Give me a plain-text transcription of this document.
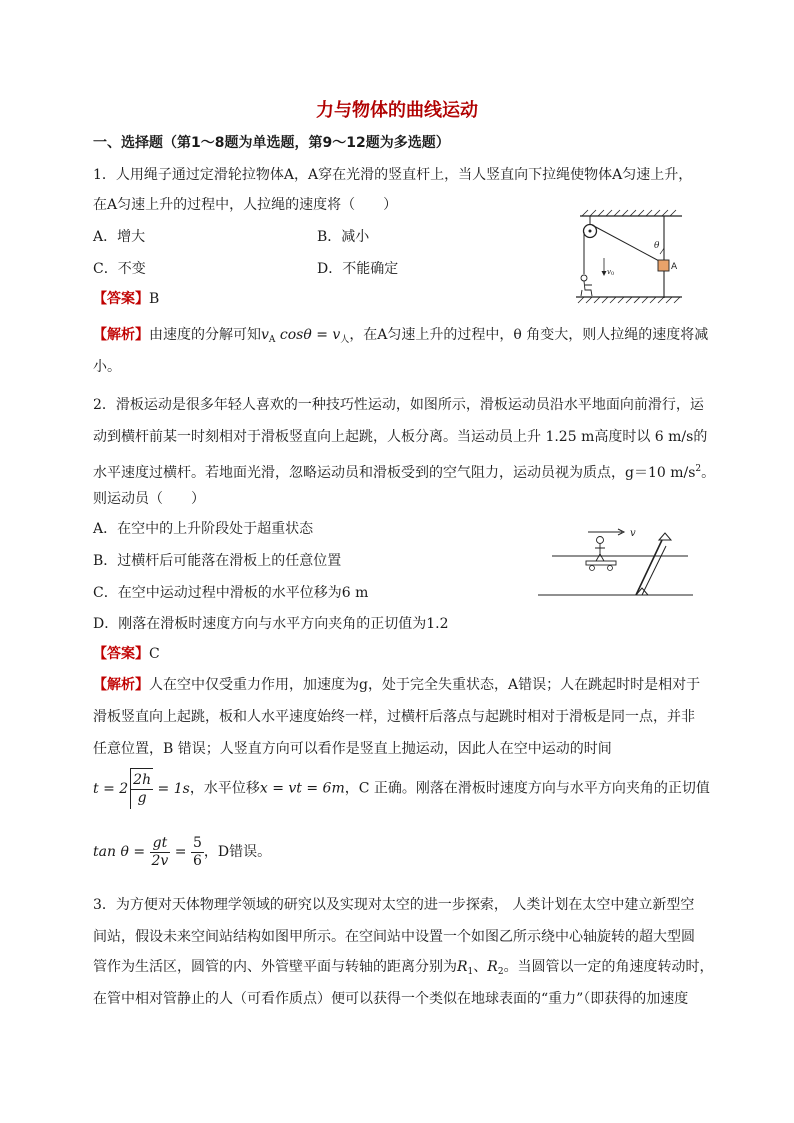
力与物体的曲线运动
一、选择题（第1～8题为单选题，第9～12题为多选题）
1．人用绳子通过定滑轮拉物体A，A穿在光滑的竖直杆上，当人竖直向下拉绳使物体A匀速上升，
在A匀速上升的过程中，人拉绳的速度将（　　）
A．增大	B．减小
C．不变	D．不能确定
【答案】B
【解析】由速度的分解可知$v_A$ $\cos\theta = v_人$，在A匀速上升的过程中，θ 角变大，则人拉绳的速度将减
小。
A
θ
v0
2．滑板运动是很多年轻人喜欢的一种技巧性运动，如图所示，滑板运动员沿水平地面向前滑行，运
动到横杆前某一时刻相对于滑板竖直向上起跳，人板分离。当运动员上升 1.25 m高度时以 6 m/s的
水平速度过横杆。若地面光滑，忽略运动员和滑板受到的空气阻力，运动员视为质点，g＝10 $m/s^2$。
则运动员（　　）
A．在空中的上升阶段处于超重状态
B．过横杆后可能落在滑板上的任意位置
C．在空中运动过程中滑板的水平位移为6 m
D．刚落在滑板时速度方向与水平方向夹角的正切值为1.2
【答案】C
【解析】人在空中仅受重力作用，加速度为g，处于完全失重状态，A错误；人在跳起时时是相对于
滑板竖直向上起跳，板和人水平速度始终一样，过横杆后落点与起跳时相对于滑板是同一点，并非
任意位置，B 错误；人竖直方向可以看作是竖直上抛运动，因此人在空中运动的时间
$t = 2 \frac{2h}{g} = 1s$，水平位移x = vt = 6m，C 正确。刚落在滑板时速度方向与水平方向夹角的正切值
$\tan \theta = \frac{gt}{2v} = \frac{5}{6}$ ，D错误。
v
3．为方便对天体物理学领域的研究以及实现对太空的进一步探索， 人类计划在太空中建立新型空
间站，假设未来空间站结构如图甲所示。在空间站中设置一个如图乙所示绕中心轴旋转的超大型圆
管作为生活区，圆管的内、外管壁平面与转轴的距离分别为$R_1$、$R_2$。当圆管以一定的角速度转动时，
在管中相对管静止的人（可看作质点）便可以获得一个类似在地球表面的“重力”（即获得的加速度
